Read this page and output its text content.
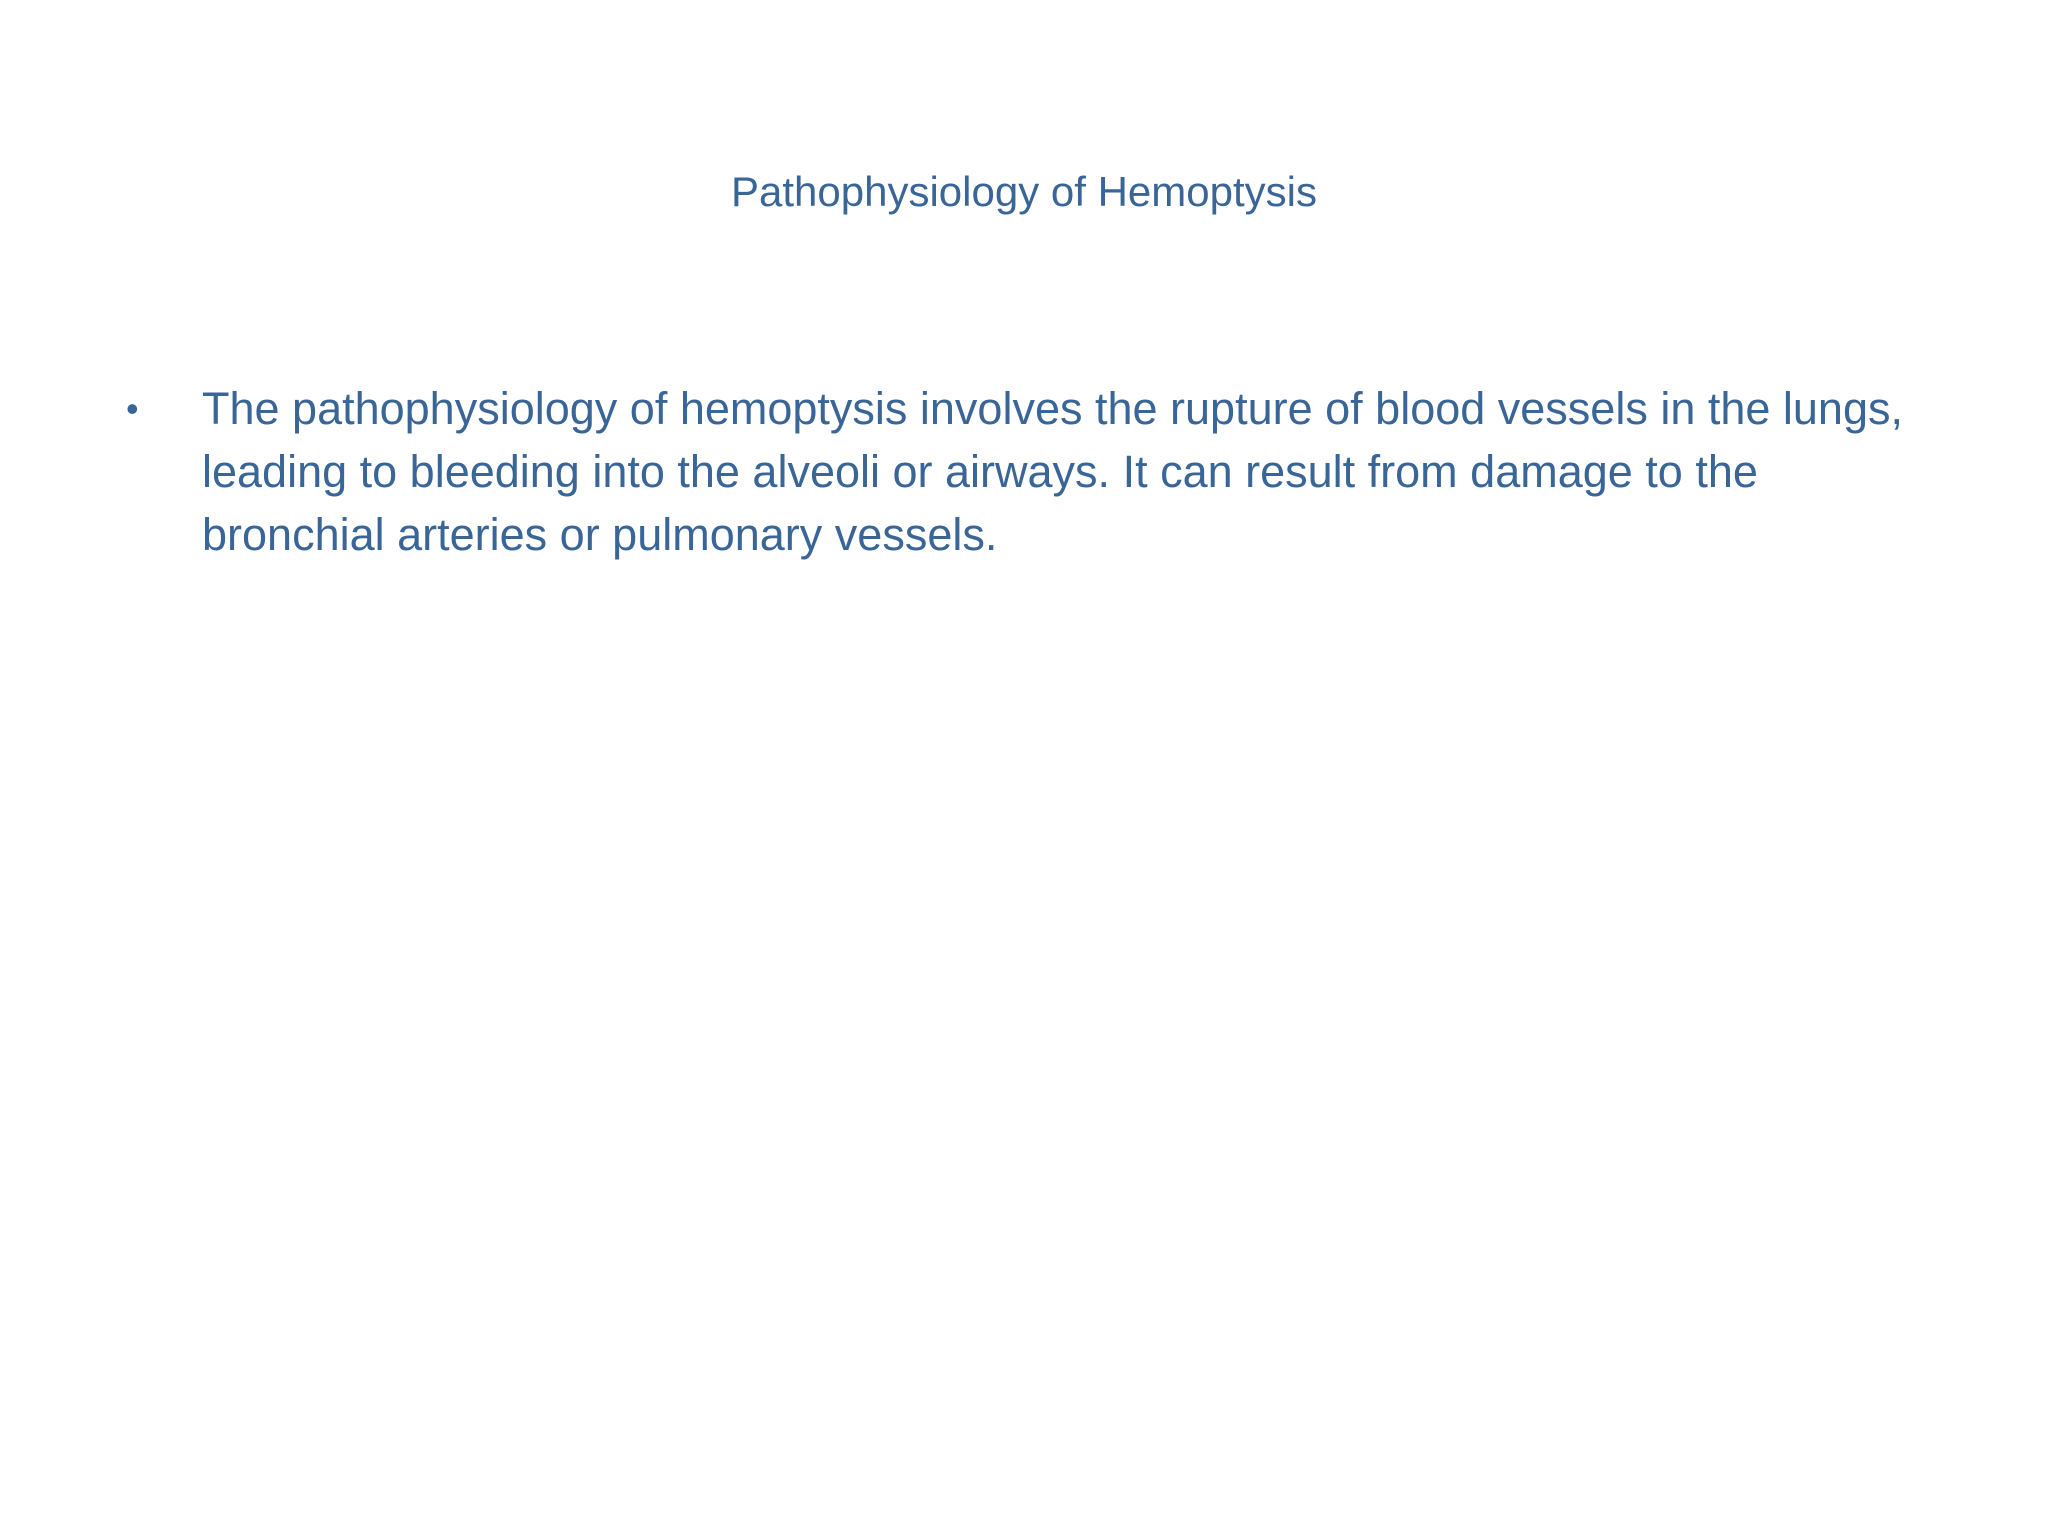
Pathophysiology of Hemoptysis
• The pathophysiology of hemoptysis involves the rupture of blood vessels in the lungs, leading to bleeding into the alveoli or airways. It can result from damage to the bronchial arteries or pulmonary vessels.
